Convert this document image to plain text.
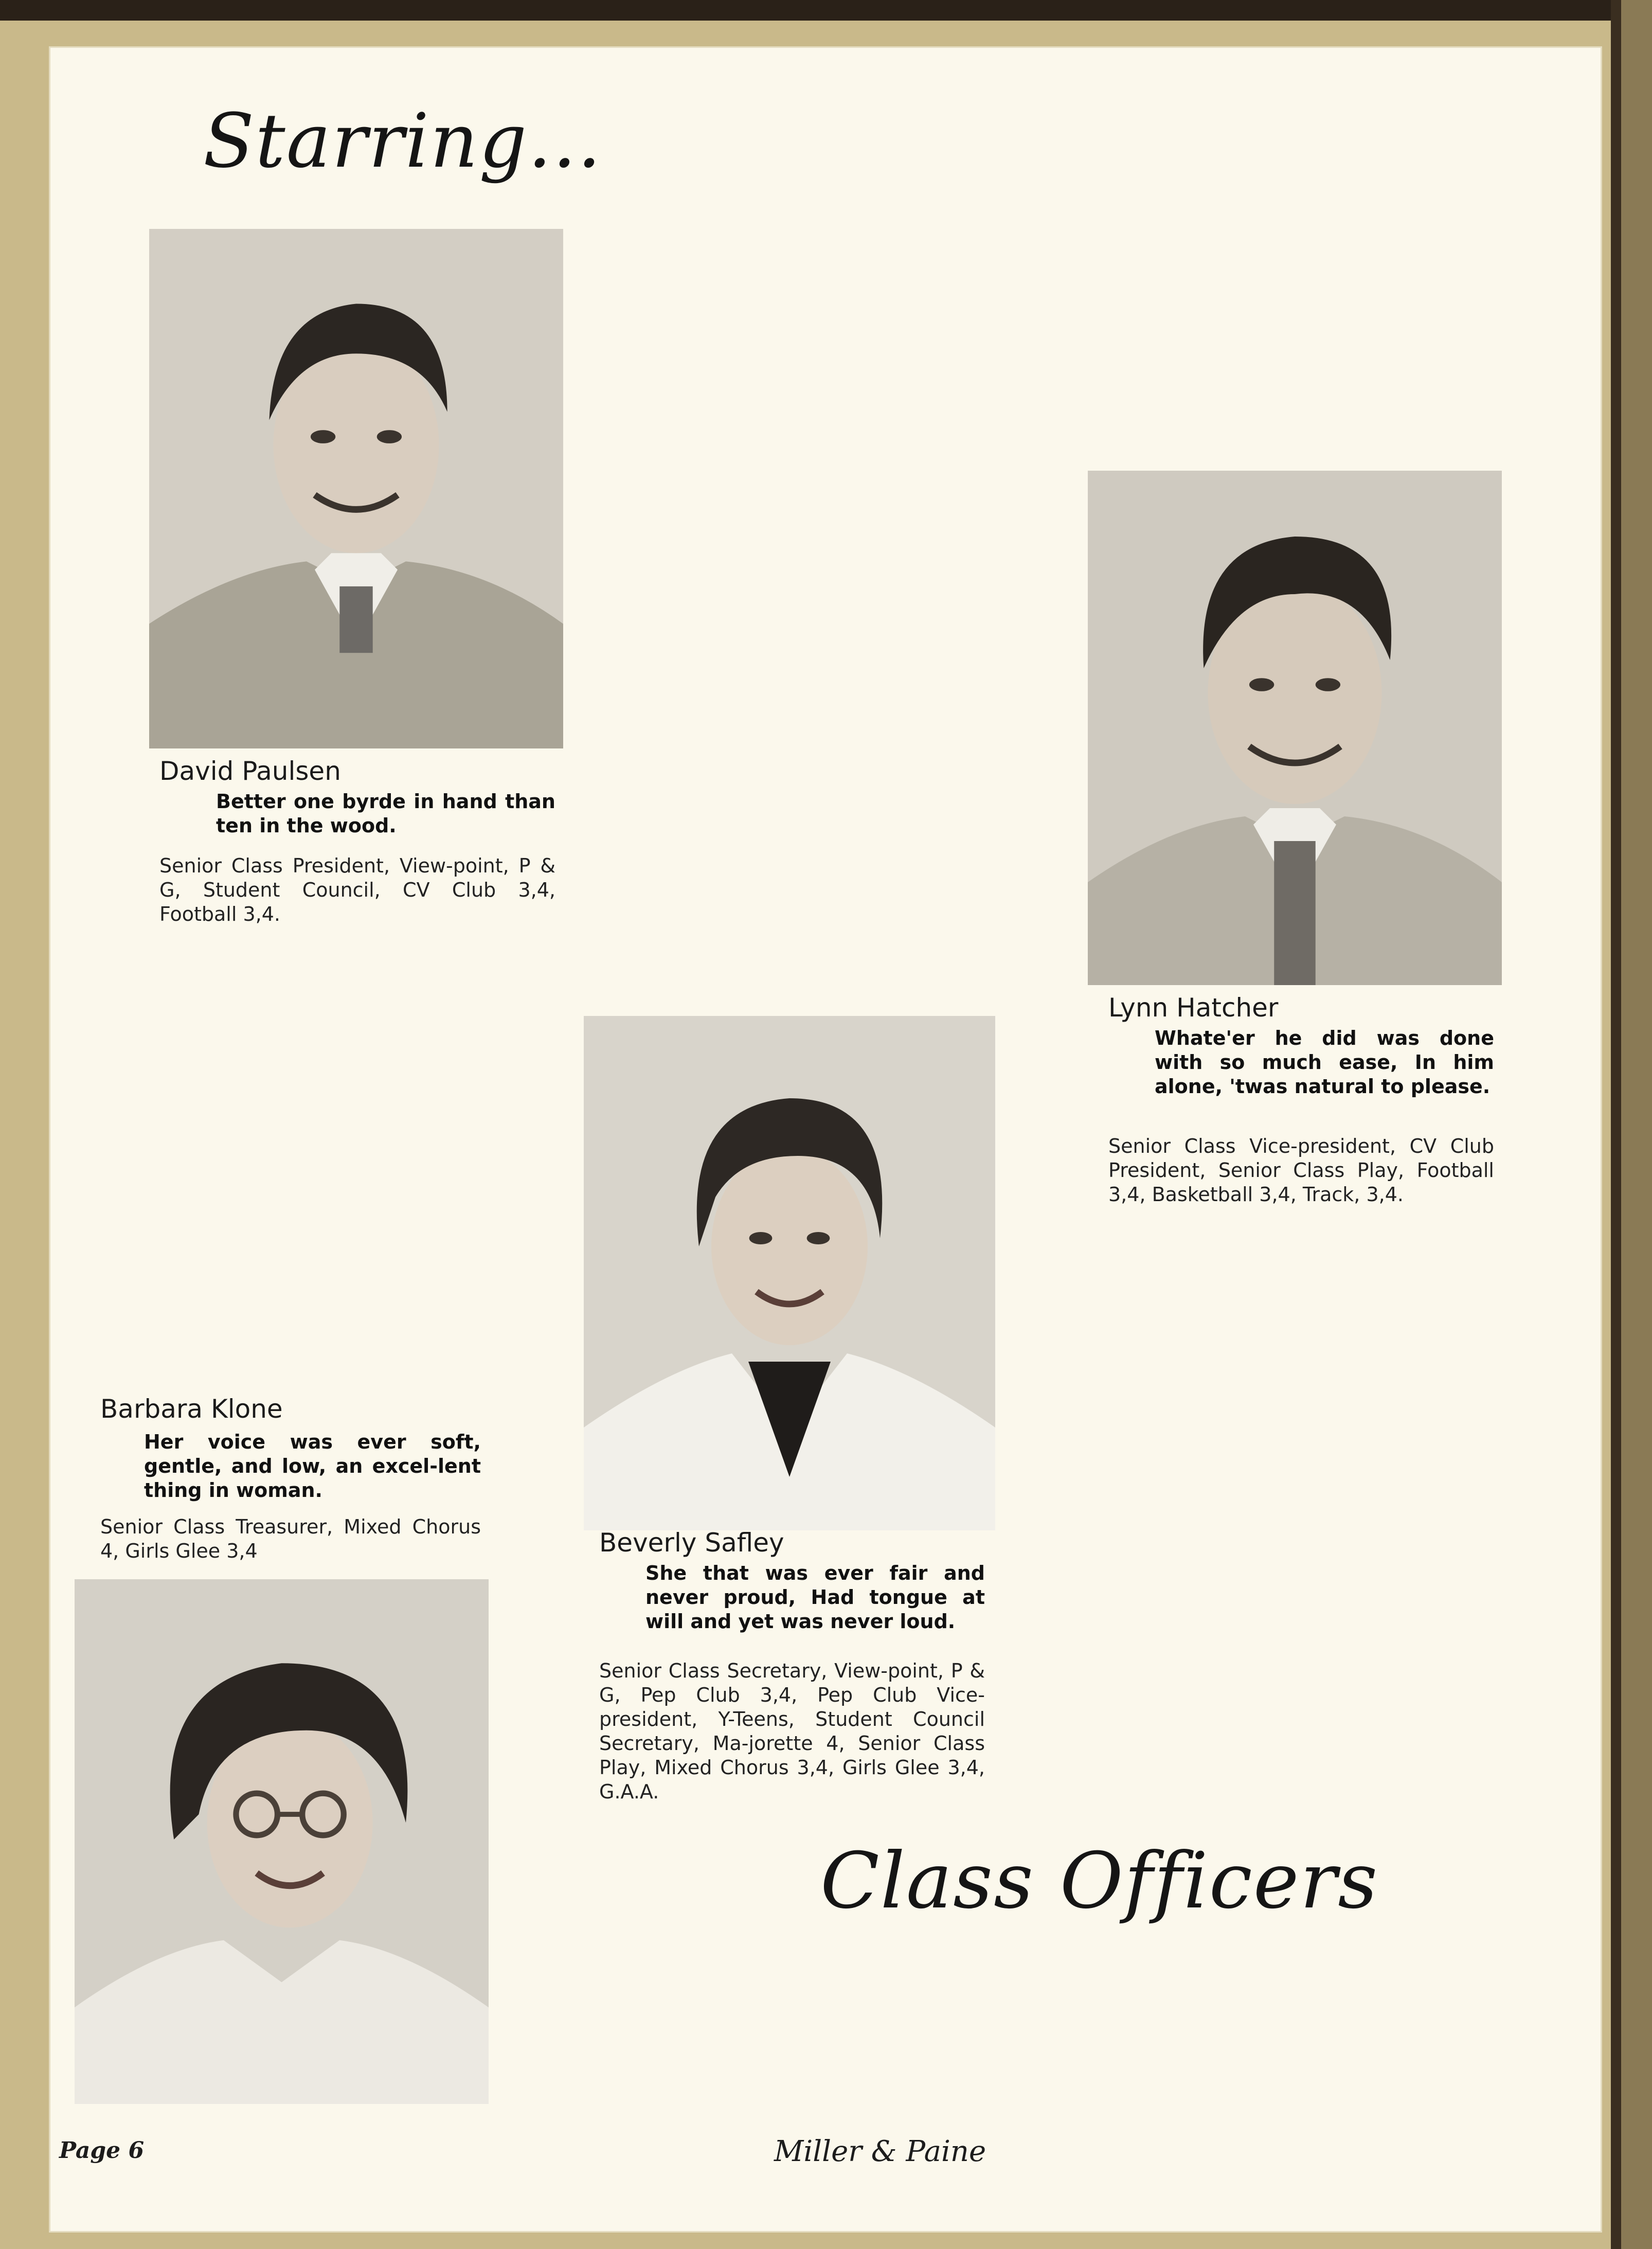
Starring...
David Paulsen
Better one byrde in hand than ten in the wood.
Senior Class President, View-point, P & G, Student Council, CV Club 3,4, Football 3,4.
Lynn Hatcher
Whate'er he did was done with so much ease, In him alone, 'twas natural to please.
Senior Class Vice-president, CV Club President, Senior Class Play, Football 3,4, Basketball 3,4, Track, 3,4.
Beverly Safley
She that was ever fair and never proud, Had tongue at will and yet was never loud.
Senior Class Secretary, View-point, P & G, Pep Club 3,4, Pep Club Vice-president, Y-Teens, Student Council Secretary, Ma-jorette 4, Senior Class Play, Mixed Chorus 3,4, Girls Glee 3,4, G.A.A.
Barbara Klone
Her voice was ever soft, gentle, and low, an excel-lent thing in woman.
Senior Class Treasurer, Mixed Chorus 4, Girls Glee 3,4
Class Officers
Page 6	Miller & Paine
